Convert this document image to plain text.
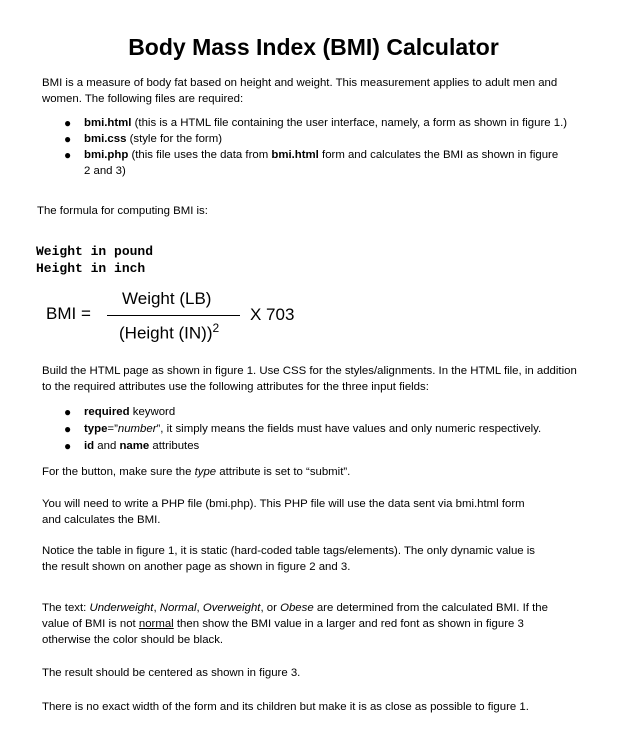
Body Mass Index (BMI) Calculator
BMI is a measure of body fat based on height and weight. This measurement applies to adult men and
women. The following files are required:
● bmi.html (this is a HTML file containing the user interface, namely, a form as shown in figure 1.)
● bmi.css (style for the form)
● bmi.php (this file uses the data from bmi.html form and calculates the BMI as shown in figure
2 and 3)
The formula for computing BMI is:
Weight in pound
Height in inch
BMI =
Weight (LB)
(Height (IN))$^2$
X 703
Build the HTML page as shown in figure 1. Use CSS for the styles/alignments. In the HTML file, in addition
to the required attributes use the following attributes for the three input fields:
● required keyword
● type=”number”, it simply means the fields must have values and only numeric respectively.
● id and name attributes
For the button, make sure the type attribute is set to “submit”.
You will need to write a PHP file (bmi.php). This PHP file will use the data sent via bmi.html form
and calculates the BMI.
Notice the table in figure 1, it is static (hard-coded table tags/elements). The only dynamic value is
the result shown on another page as shown in figure 2 and 3.
The text: Underweight, Normal, Overweight, or Obese are determined from the calculated BMI. If the
value of BMI is not normal then show the BMI value in a larger and red font as shown in figure 3
otherwise the color should be black.
The result should be centered as shown in figure 3.
There is no exact width of the form and its children but make it is as close as possible to figure 1.
